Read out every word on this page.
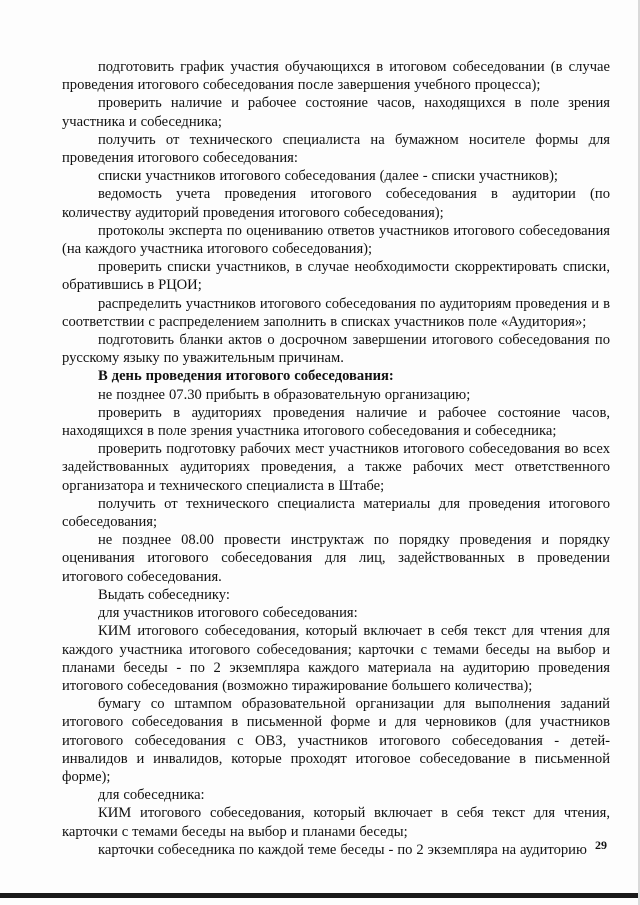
подготовить график участия обучающихся в итоговом собеседовании (в случае проведения итогового собеседования после завершения учебного процесса);

проверить наличие и рабочее состояние часов, находящихся в поле зрения участника и собеседника;

получить от технического специалиста на бумажном носителе формы для проведения итогового собеседования:

списки участников итогового собеседования (далее - списки участников);

ведомость учета проведения итогового собеседования в аудитории (по количеству аудиторий проведения итогового собеседования);

протоколы эксперта по оцениванию ответов участников итогового собеседования (на каждого участника итогового собеседования);

проверить списки участников, в случае необходимости скорректировать списки, обратившись в РЦОИ;

распределить участников итогового собеседования по аудиториям проведения и в соответствии с распределением заполнить в списках участников поле «Аудитория»;

подготовить бланки актов о досрочном завершении итогового собеседования по русскому языку по уважительным причинам.

В день проведения итогового собеседования:

не позднее 07.30 прибыть в образовательную организацию;

проверить в аудиториях проведения наличие и рабочее состояние часов, находящихся в поле зрения участника итогового собеседования и собеседника;

проверить подготовку рабочих мест участников итогового собеседования во всех задействованных аудиториях проведения, а также рабочих мест ответственного организатора и технического специалиста в Штабе;

получить от технического специалиста материалы для проведения итогового собеседования;

не позднее 08.00 провести инструктаж по порядку проведения и порядку оценивания итогового собеседования для лиц, задействованных в проведении итогового собеседования.

Выдать собеседнику:

для участников итогового собеседования:

КИМ итогового собеседования, который включает в себя текст для чтения для каждого участника итогового собеседования; карточки с темами беседы на выбор и планами беседы - по 2 экземпляра каждого материала на аудиторию проведения итогового собеседования (возможно тиражирование большего количества);

бумагу со штампом образовательной организации для выполнения заданий итогового собеседования в письменной форме и для черновиков (для участников итогового собеседования с ОВЗ, участников итогового собеседования - детей-инвалидов и инвалидов, которые проходят итоговое собеседование в письменной форме);

для собеседника:

КИМ итогового собеседования, который включает в себя текст для чтения, карточки с темами беседы на выбор и планами беседы;

карточки собеседника по каждой теме беседы - по 2 экземпляра на аудиторию 29
